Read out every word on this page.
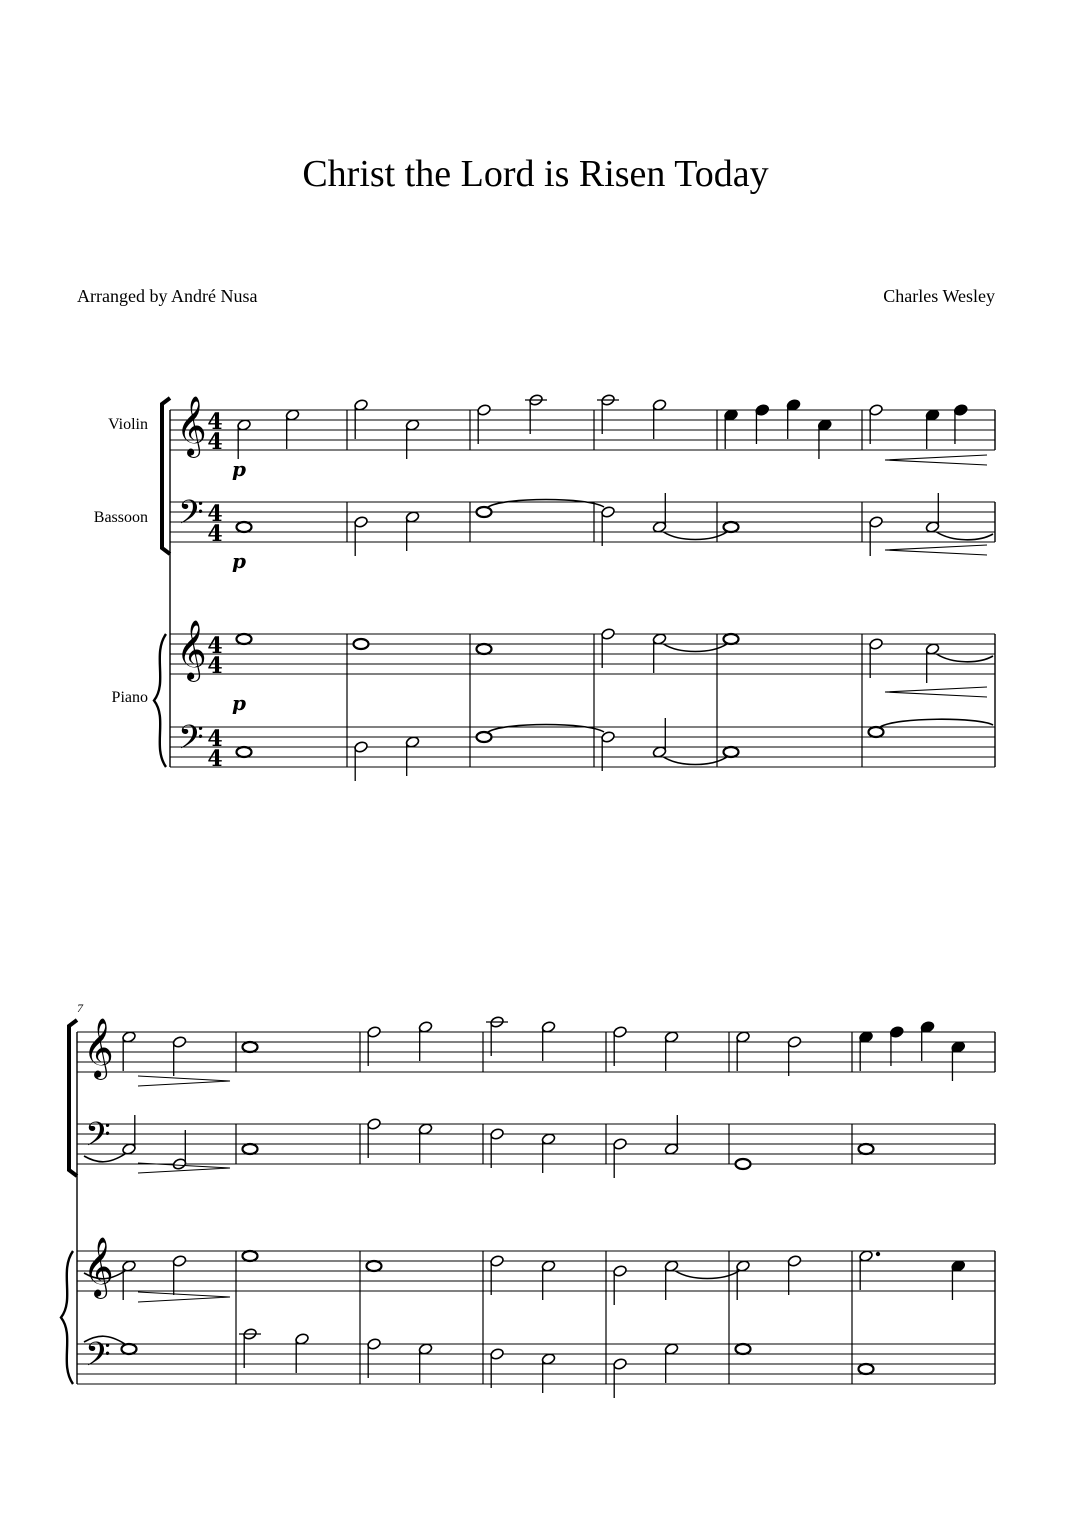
Christ the Lord is Risen Today
Arranged by André Nusa	Charles Wesley
Violin
Bassoon
Piano
𝄞
𝄢
𝄞
𝄢
4
4
4
4
4
4
4
4
𝄞
𝄢
𝄞
𝄢
7
p
p
p
